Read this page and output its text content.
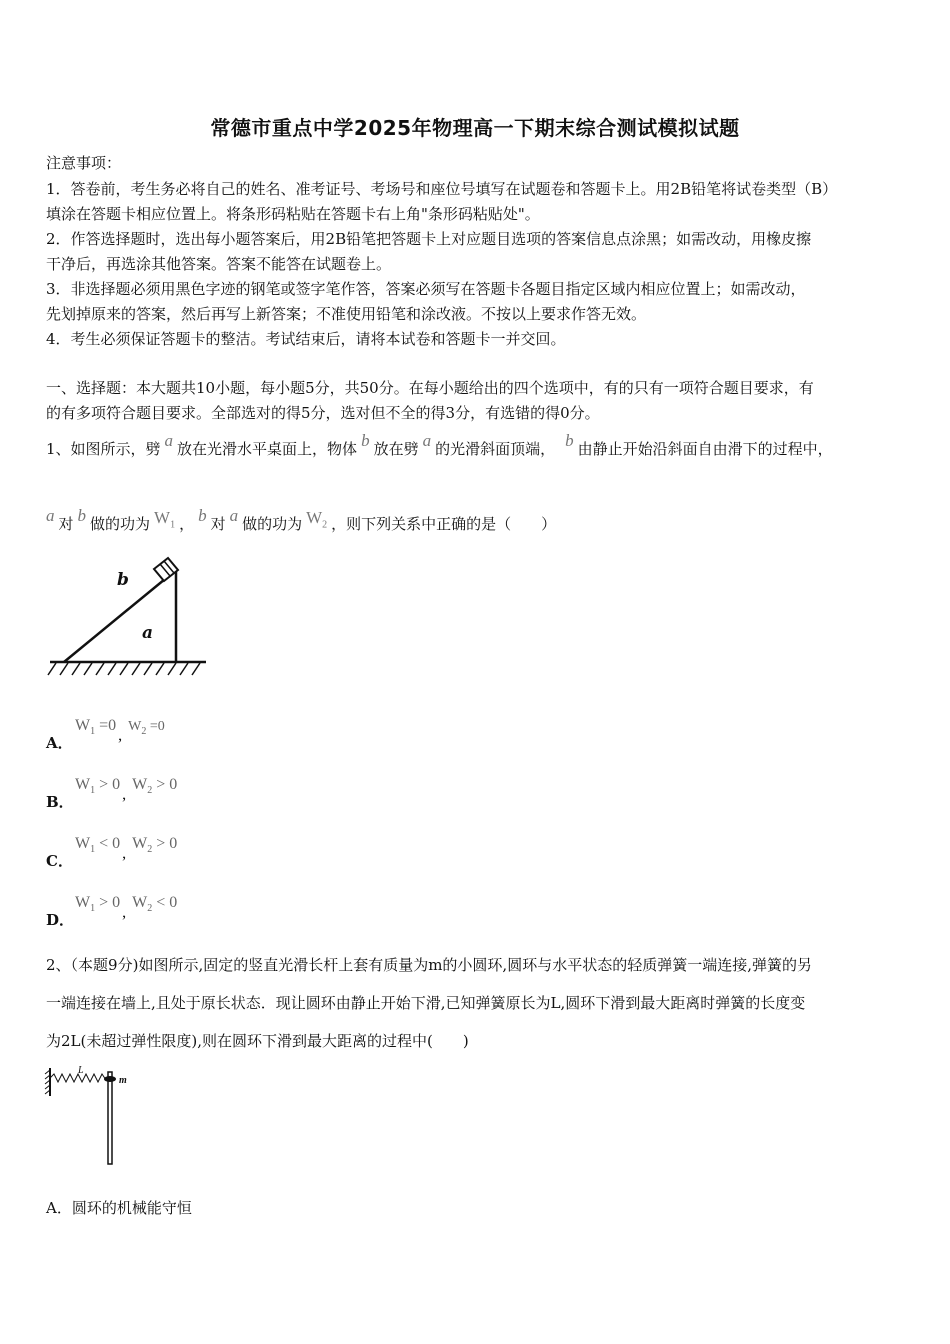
常德市重点中学2025年物理高一下期末综合测试模拟试题
注意事项：
1．答卷前，考生务必将自己的姓名、准考证号、考场号和座位号填写在试题卷和答题卡上。用2B铅笔将试卷类型（B）
填涂在答题卡相应位置上。将条形码粘贴在答题卡右上角"条形码粘贴处"。
2．作答选择题时，选出每小题答案后，用2B铅笔把答题卡上对应题目选项的答案信息点涂黑；如需改动，用橡皮擦
干净后，再选涂其他答案。答案不能答在试题卷上。
3．非选择题必须用黑色字迹的钢笔或签字笔作答，答案必须写在答题卡各题目指定区域内相应位置上；如需改动，
先划掉原来的答案，然后再写上新答案；不准使用铅笔和涂改液。不按以上要求作答无效。
4．考生必须保证答题卡的整洁。考试结束后，请将本试卷和答题卡一并交回。
一、选择题：本大题共10小题，每小题5分，共50分。在每小题给出的四个选项中，有的只有一项符合题目要求，有
的有多项符合题目要求。全部选对的得5分，选对但不全的得3分，有选错的得0分。
1、如图所示，劈 a 放在光滑水平桌面上，物体 b 放在劈 a 的光滑斜面顶端， b 由静止开始沿斜面自由滑下的过程中，
a 对 b 做的功为 $W_1$ ， b 对 a 做的功为 $W_2$ ，则下列关系中正确的是（　　）
b
a
A．
$W_1 =0,W_2 =0$
B．
$W_1 > 0,W_2 > 0$
C．
$W_1 < 0,W_2 > 0$
D．
$W_1 > 0,W_2 < 0$
2、（本题9分)如图所示,固定的竖直光滑长杆上套有质量为m的小圆环,圆环与水平状态的轻质弹簧一端连接,弹簧的另
一端连接在墙上,且处于原长状态．现让圆环由静止开始下滑,已知弹簧原长为L,圆环下滑到最大距离时弹簧的长度变
为2L(未超过弹性限度),则在圆环下滑到最大距离的过程中(　　)
L
m
A．圆环的机械能守恒
